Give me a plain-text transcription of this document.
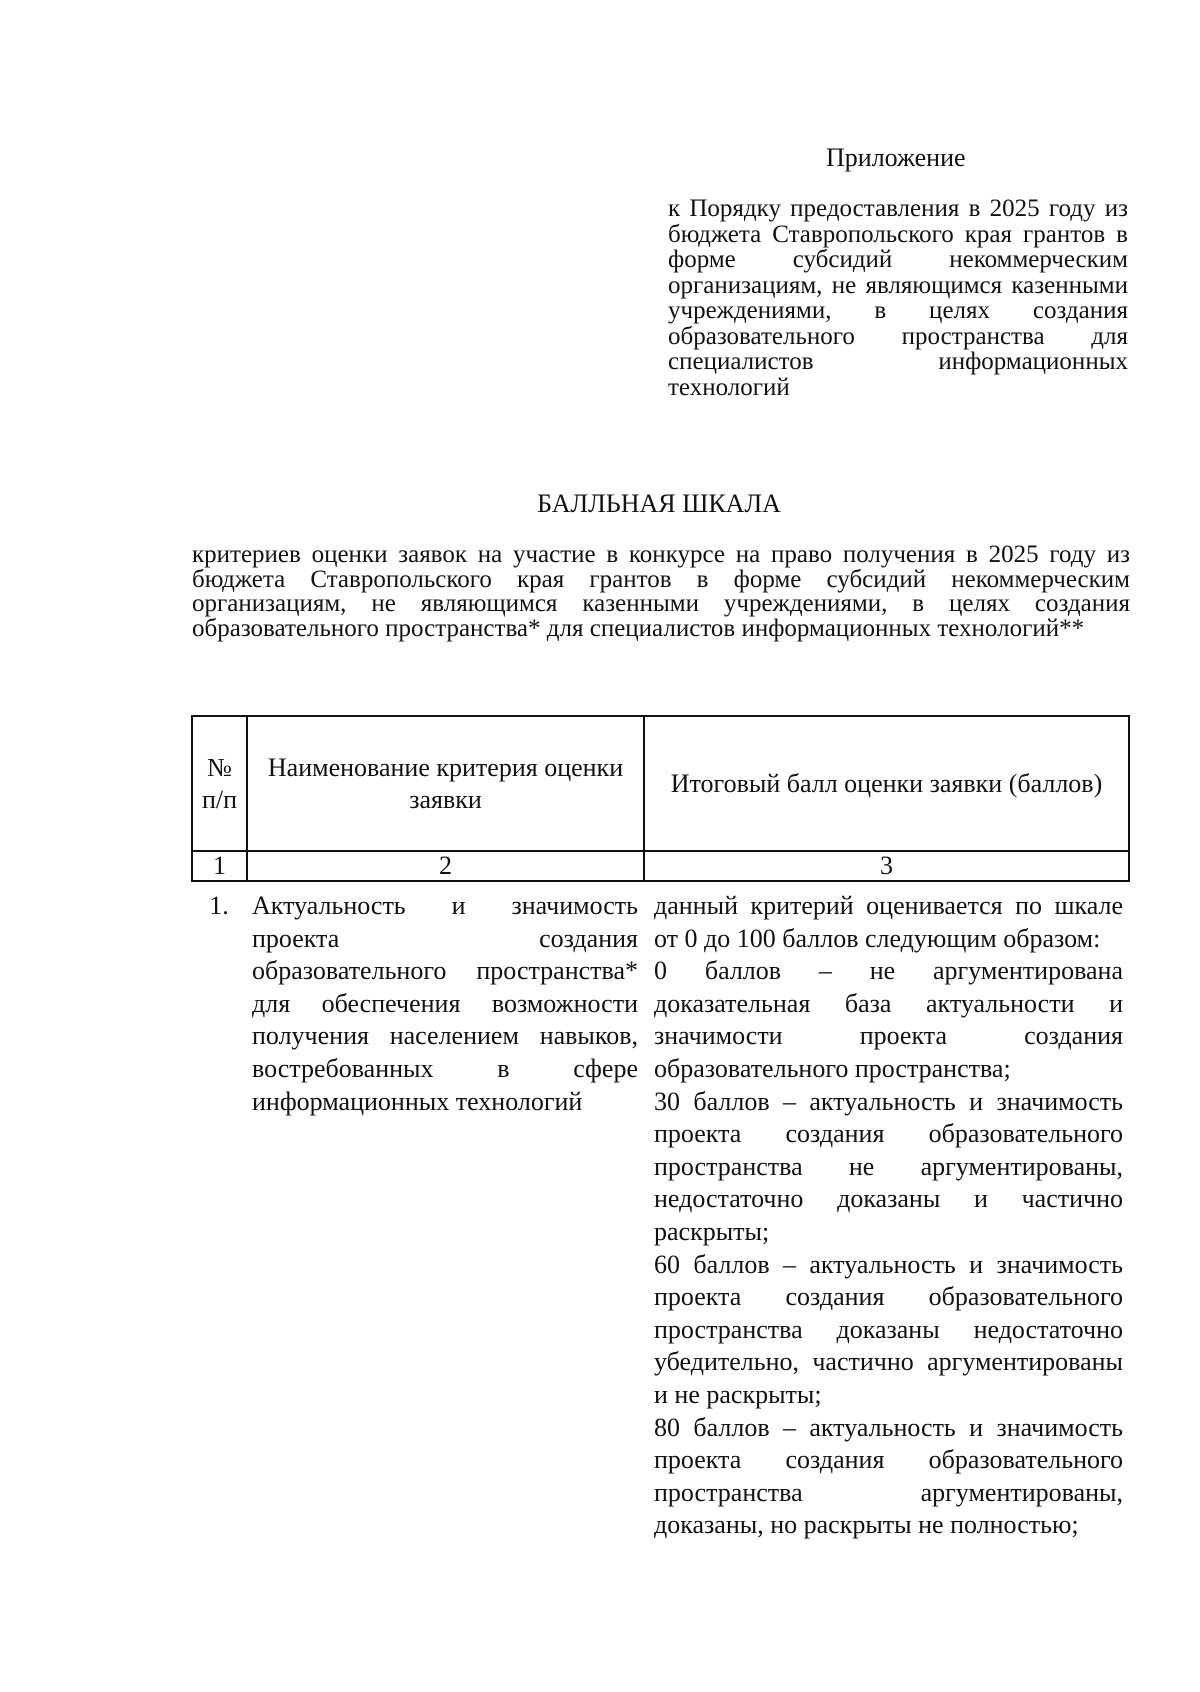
Приложение
к Порядку предоставления в 2025 году из бюджета Ставропольского края грантов в форме субсидий некоммерческим организациям, не являющимся казенными учреждениями, в целях создания образовательного пространства для специалистов информационных технологий
БАЛЛЬНАЯ ШКАЛА
критериев оценки заявок на участие в конкурсе на право получения в 2025 году из бюджета Ставропольского края грантов в форме субсидий некоммерческим организациям, не являющимся казенными учреждениями, в целях создания образовательного пространства* для специалистов информационных технологий**
№ п/п	Наименование критерия оценки заявки	Итоговый балл оценки заявки (баллов)
1	2	3
1.	Актуальность и значимость проекта создания образовательного пространства* для обеспечения возможности получения населением навыков, востребованных в сфере информационных технологий	данный критерий оценивается по шкале от 0 до 100 баллов следующим образом:
0 баллов – не аргументирована доказательная база актуальности и значимости проекта создания образовательного пространства;
30 баллов – актуальность и значимость проекта создания образовательного пространства не аргументированы, недостаточно доказаны и частично раскрыты;
60 баллов – актуальность и значимость проекта создания образовательного пространства доказаны недостаточно убедительно, частично аргументированы и не раскрыты;
80 баллов – актуальность и значимость проекта создания образовательного пространства аргументированы, доказаны, но раскрыты не полностью;
